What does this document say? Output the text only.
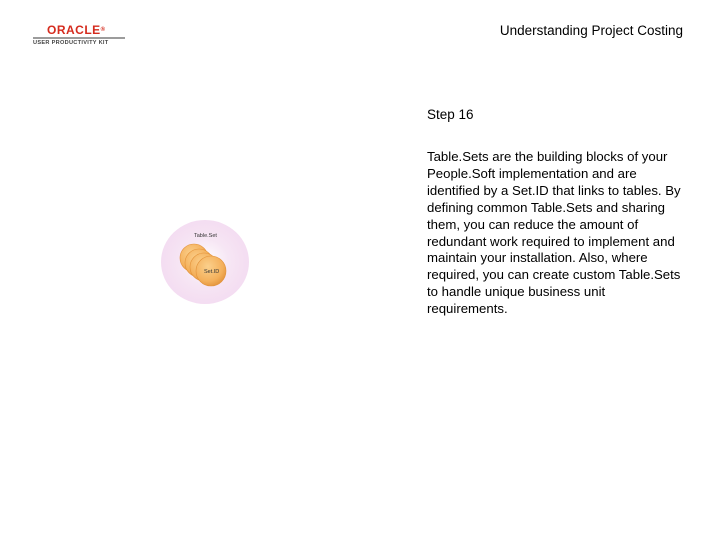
ORACLE®
USER PRODUCTIVITY KIT
Understanding Project Costing
Step 16
Table.Sets are the building blocks of your People.Soft implementation and are identified by a Set.ID that links to tables. By defining common Table.Sets and sharing them, you can reduce the amount of redundant work required to implement and maintain your installation. Also, where required, you can create custom Table.Sets to handle unique business unit requirements.
Table.Set
Set.ID
